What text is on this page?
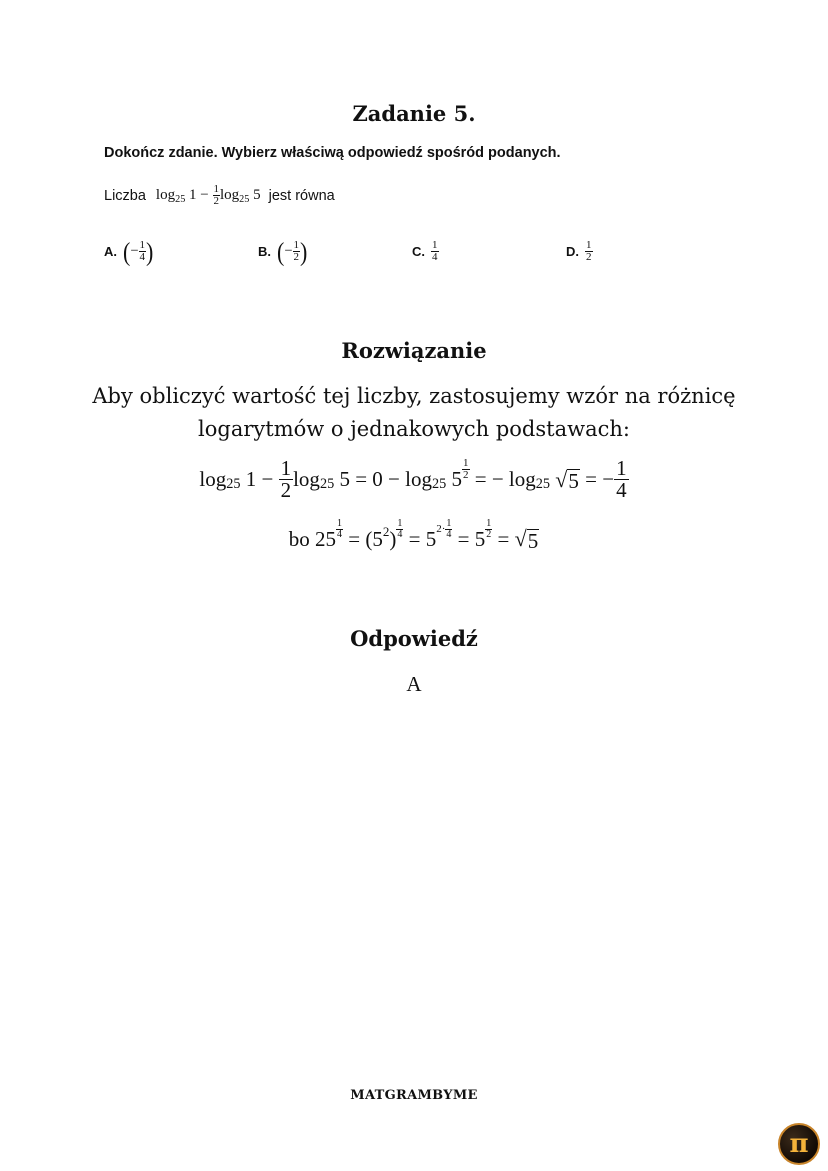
Zadanie 5.
Dokończ zdanie. Wybierz właściwą odpowiedź spośród podanych.
Liczba log 25 $1 - \frac{1}{2}$ log 25 5 jest równa
A. ( − $\frac{1}{4}$ )	B. ( − $\frac{1}{2}$ )	C. $\frac{1}{4}$	D. $\frac{1}{2}$
Rozwiązanie
Aby obliczyć wartość tej liczby, zastosujemy wzór na różnicę logarytmów o jednakowych podstawach:
log 25 $1 - \frac{1}{2}$ log 25 5 = 0 − log 25 $5 \frac{1}{2}$ = − log 25
√ 5 = − $\frac{1}{4}$
bo $25 \frac{1}{4} = (5$ 2 ) $\frac{1}{4} = 5$ $2\cdot \frac{1}{4} = 5 \frac{1}{2}$ = √ 5
Odpowiedź
A
MATGRAMBYME
π
